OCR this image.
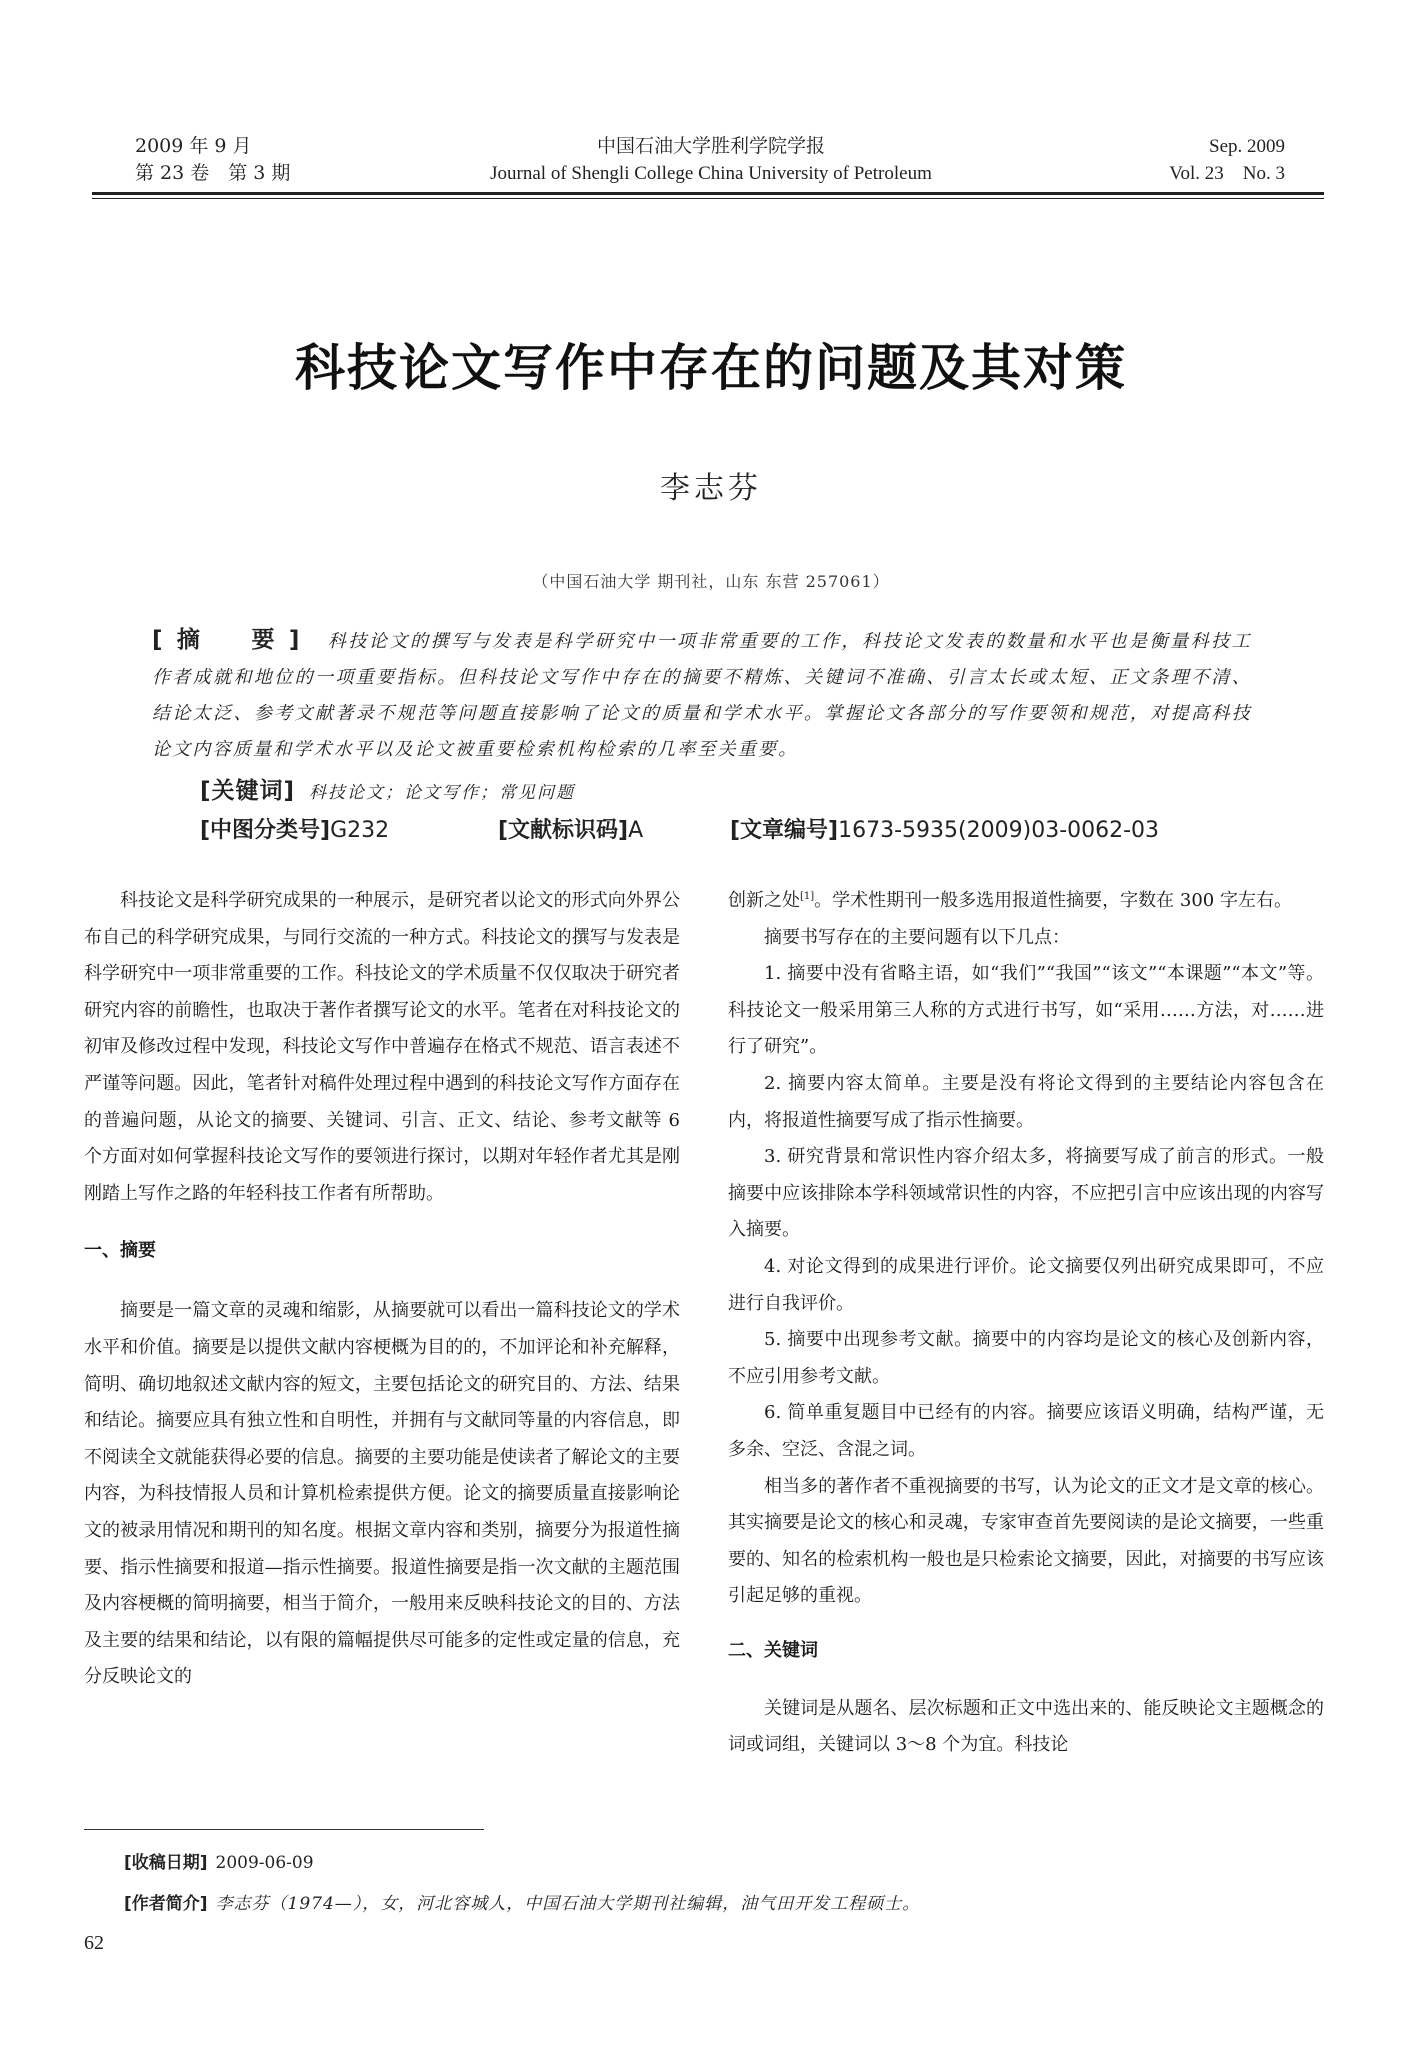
2009 年 9 月
第 23 卷　第 3 期
中国石油大学胜利学院学报
Journal of Shengli College China University of Petroleum
Sep. 2009
Vol. 23　No. 3
科技论文写作中存在的问题及其对策
李志芬
（中国石油大学 期刊社，山东 东营 257061）
[摘　要] 科技论文的撰写与发表是科学研究中一项非常重要的工作，科技论文发表的数量和水平也是衡量科技工作者成就和地位的一项重要指标。但科技论文写作中存在的摘要不精炼、关键词不准确、引言太长或太短、正文条理不清、结论太泛、参考文献著录不规范等问题直接影响了论文的质量和学术水平。掌握论文各部分的写作要领和规范，对提高科技论文内容质量和学术水平以及论文被重要检索机构检索的几率至关重要。
[关键词] 科技论文；论文写作；常见问题
[中图分类号]G232	[文献标识码]A	[文章编号]1673-5935(2009)03-0062-03

科技论文是科学研究成果的一种展示，是研究者以论文的形式向外界公布自己的科学研究成果，与同行交流的一种方式。科技论文的撰写与发表是科学研究中一项非常重要的工作。科技论文的学术质量不仅仅取决于研究者研究内容的前瞻性，也取决于著作者撰写论文的水平。笔者在对科技论文的初审及修改过程中发现，科技论文写作中普遍存在格式不规范、语言表述不严谨等问题。因此，笔者针对稿件处理过程中遇到的科技论文写作方面存在的普遍问题，从论文的摘要、关键词、引言、正文、结论、参考文献等 6 个方面对如何掌握科技论文写作的要领进行探讨，以期对年轻作者尤其是刚刚踏上写作之路的年轻科技工作者有所帮助。

一、摘要

摘要是一篇文章的灵魂和缩影，从摘要就可以看出一篇科技论文的学术水平和价值。摘要是以提供文献内容梗概为目的的，不加评论和补充解释，简明、确切地叙述文献内容的短文，主要包括论文的研究目的、方法、结果和结论。摘要应具有独立性和自明性，并拥有与文献同等量的内容信息，即不阅读全文就能获得必要的信息。摘要的主要功能是使读者了解论文的主要内容，为科技情报人员和计算机检索提供方便。论文的摘要质量直接影响论文的被录用情况和期刊的知名度。根据文章内容和类别，摘要分为报道性摘要、指示性摘要和报道—指示性摘要。报道性摘要是指一次文献的主题范围及内容梗概的简明摘要，相当于简介，一般用来反映科技论文的目的、方法及主要的结果和结论，以有限的篇幅提供尽可能多的定性或定量的信息，充分反映论文的

创新之处[1]。学术性期刊一般多选用报道性摘要，字数在 300 字左右。

摘要书写存在的主要问题有以下几点：

1. 摘要中没有省略主语，如“我们”“我国”“该文”“本课题”“本文”等。科技论文一般采用第三人称的方式进行书写，如“采用……方法，对……进行了研究”。

2. 摘要内容太简单。主要是没有将论文得到的主要结论内容包含在内，将报道性摘要写成了指示性摘要。

3. 研究背景和常识性内容介绍太多，将摘要写成了前言的形式。一般摘要中应该排除本学科领域常识性的内容，不应把引言中应该出现的内容写入摘要。

4. 对论文得到的成果进行评价。论文摘要仅列出研究成果即可，不应进行自我评价。

5. 摘要中出现参考文献。摘要中的内容均是论文的核心及创新内容，不应引用参考文献。

6. 简单重复题目中已经有的内容。摘要应该语义明确，结构严谨，无多余、空泛、含混之词。

相当多的著作者不重视摘要的书写，认为论文的正文才是文章的核心。其实摘要是论文的核心和灵魂，专家审查首先要阅读的是论文摘要，一些重要的、知名的检索机构一般也是只检索论文摘要，因此，对摘要的书写应该引起足够的重视。

二、关键词

关键词是从题名、层次标题和正文中选出来的、能反映论文主题概念的词或词组，关键词以 3～8 个为宜。科技论

[收稿日期] 2009-06-09
[作者简介] 李志芬（1974—），女，河北容城人，中国石油大学期刊社编辑，油气田开发工程硕士。
62
